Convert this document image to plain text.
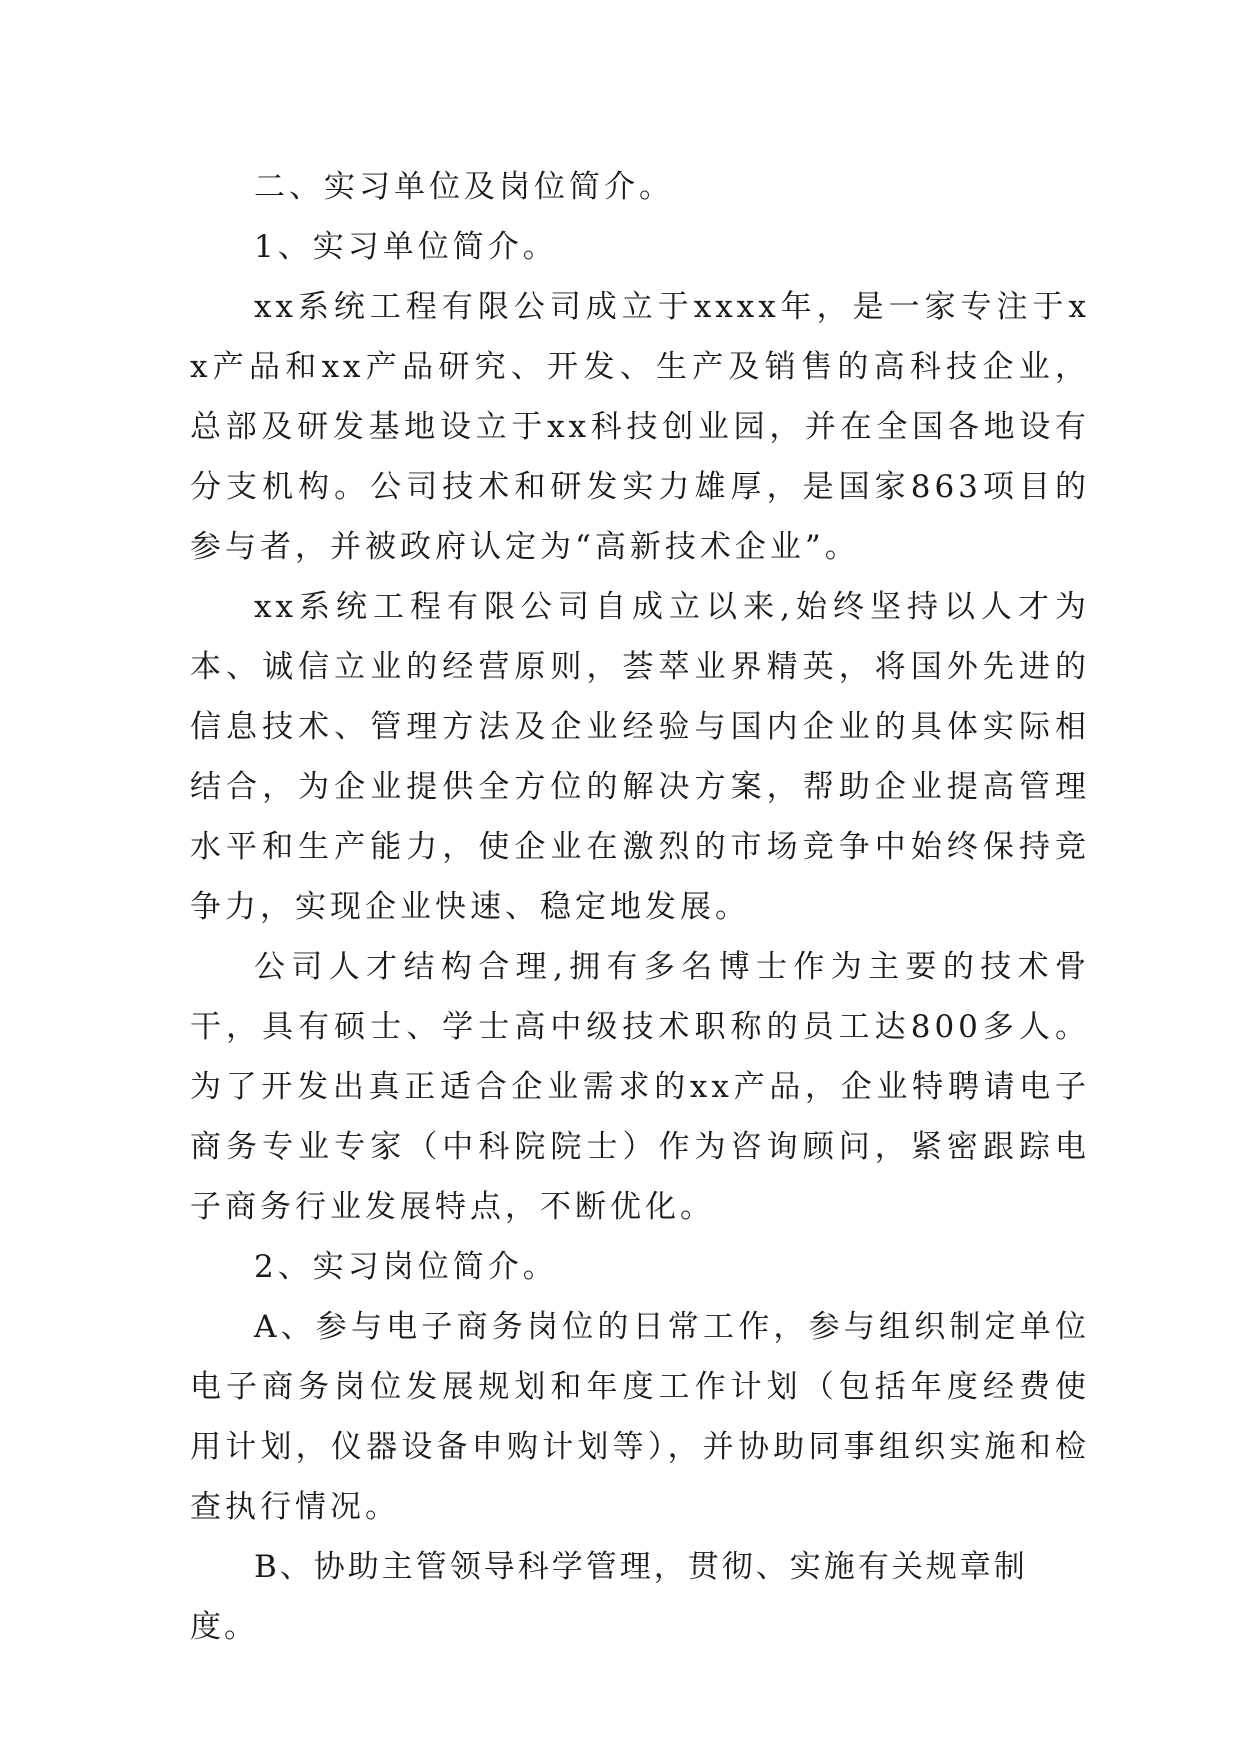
二、实习单位及岗位简介。

1、实习单位简介。

xx系统工程有限公司成立于xxxx年，是一家专注于xx产品和xx产品研究、开发、生产及销售的高科技企业，总部及研发基地设立于xx科技创业园，并在全国各地设有分支机构。公司技术和研发实力雄厚，是国家863项目的参与者，并被政府认定为“高新技术企业”。

xx系统工程有限公司自成立以来,始终坚持以人才为本、诚信立业的经营原则，荟萃业界精英，将国外先进的信息技术、管理方法及企业经验与国内企业的具体实际相结合，为企业提供全方位的解决方案，帮助企业提高管理水平和生产能力，使企业在激烈的市场竞争中始终保持竞争力，实现企业快速、稳定地发展。

公司人才结构合理,拥有多名博士作为主要的技术骨干，具有硕士、学士高中级技术职称的员工达800多人。为了开发出真正适合企业需求的xx产品，企业特聘请电子商务专业专家（中科院院士）作为咨询顾问，紧密跟踪电子商务行业发展特点，不断优化。

2、实习岗位简介。

A、参与电子商务岗位的日常工作，参与组织制定单位电子商务岗位发展规划和年度工作计划（包括年度经费使用计划，仪器设备申购计划等），并协助同事组织实施和检查执行情况。

B、协助主管领导科学管理，贯彻、实施有关规章制度。
